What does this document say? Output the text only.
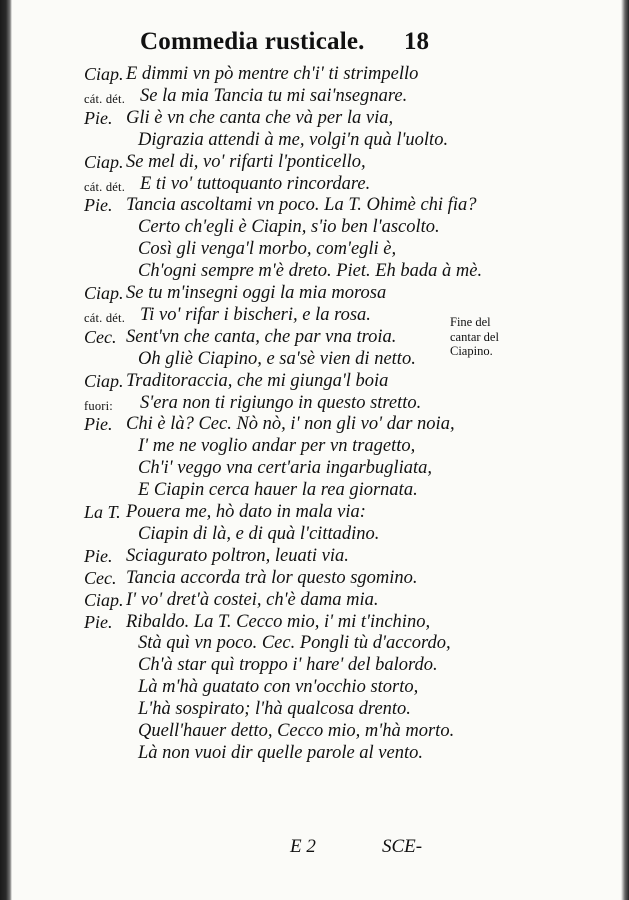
Commedia rusticale. 18
Ciap. E dimmi vn pò mentre ch'i' ti strimpello
cát. dét. Se la mia Tancia tu mi sai'nsegnare.
Pie. Gli è vn che canta che và per la via,
Digrazia attendi à me, volgi'n quà l'uolto.
Ciap. Se mel di, vo' rifarti l'ponticello,
cát. dét. E ti vo' tuttoquanto rincordare.
Pie. Tancia ascoltami vn poco. La T. Ohimè chi fia?
Certo ch'egli è Ciapin, s'io ben l'ascolto.
Così gli venga'l morbo, com'egli è,
Ch'ogni sempre m'è dreto. Piet. Eh bada à mè.
Ciap. Se tu m'insegni oggi la mia morosa
cát. dét. Ti vo' rifar i bischeri, e la rosa.
Cec. Sent'vn che canta, che par vna troia.
Oh gliè Ciapino, e sa'sè vien di netto.
Ciap. Traditoraccia, che mi giunga'l boia
fuori: S'era non ti rigiungo in questo stretto.
Pie. Chi è là? Cec. Nò nò, i' non gli vo' dar noia,
I' me ne voglio andar per vn tragetto,
Ch'i' veggo vna cert'aria ingarbugliata,
E Ciapin cerca hauer la rea giornata.
La T. Pouera me, hò dato in mala via:
Ciapin di là, e di quà l'cittadino.
Pie. Sciagurato poltron, leuati via.
Cec. Tancia accorda trà lor questo sgomino.
Ciap. I' vo' dret'à costei, ch'è dama mia.
Pie. Ribaldo. La T. Cecco mio, i' mi t'inchino,
Stà quì vn poco. Cec. Pongli tù d'accordo,
Ch'à star quì troppo i' hare' del balordo.
Là m'hà guatato con vn'occhio storto,
L'hà sospirato; l'hà qualcosa drento.
Quell'hauer detto, Cecco mio, m'hà morto.
Là non vuoi dir quelle parole al vento.
Fine del
cantar del
Ciapino.
E 2	SCE-
